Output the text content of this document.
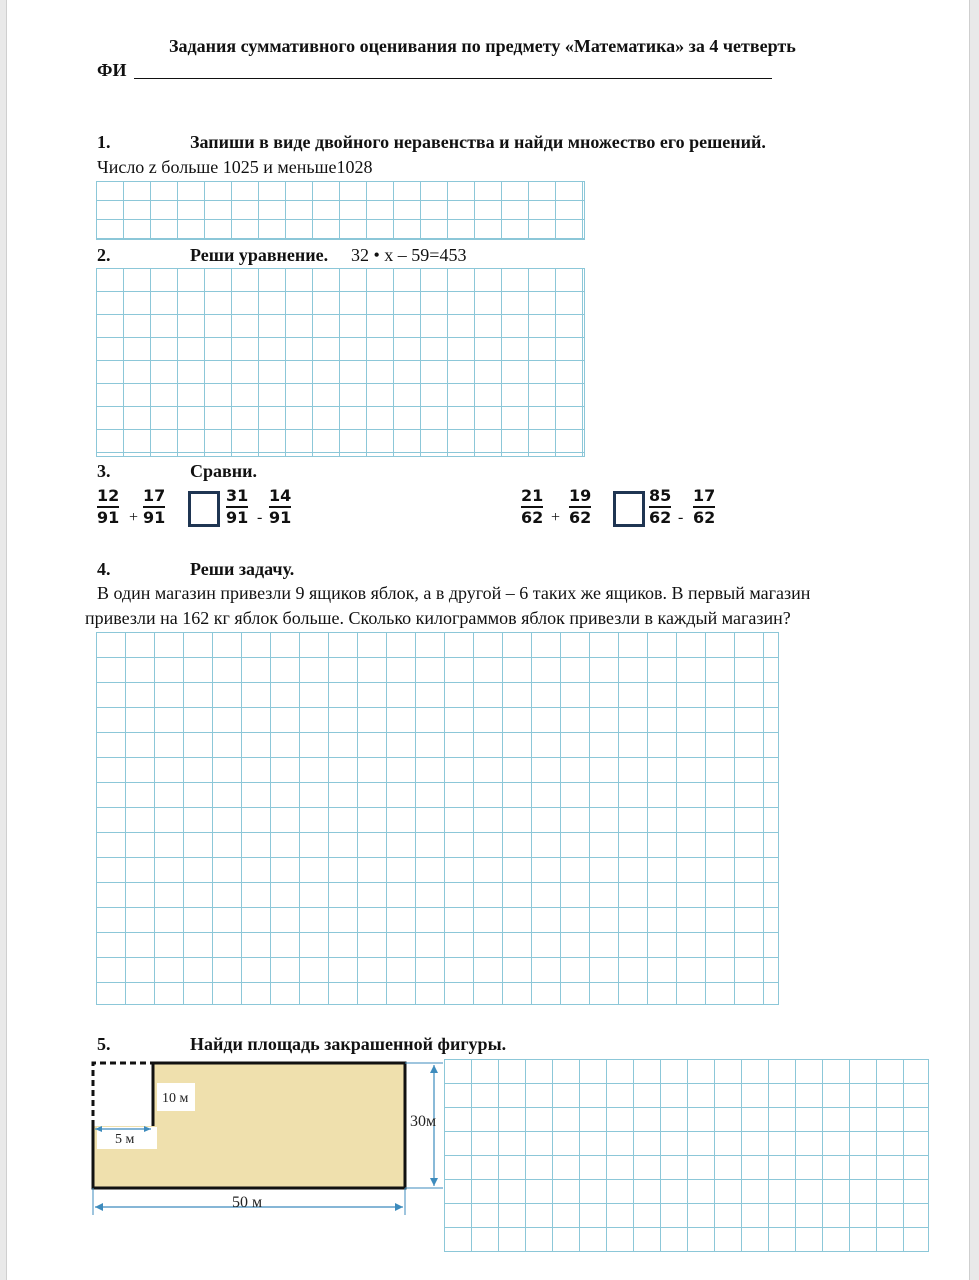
Задания суммативного оценивания по предмету «Математика» за 4 четверть
ФИ
1.	Запиши в виде двойного неравенства и найди множество его решений.
Число z больше 1025 и меньше1028
2.	Реши уравнение. 32 • х – 59=453
3.	Сравни.
12
91 +
17
91
31
91 -
14
91
21
62 +
19
62
85
62 -
17
62
4.	Реши задачу.
В один магазин привезли 9 ящиков яблок, а в другой – 6 таких же ящиков. В первый магазин
привезли на 162 кг яблок больше. Сколько килограммов яблок привезли в каждый магазин?
5.	Найди площадь закрашенной фигуры.
10 м
5 м
30м
50 м
